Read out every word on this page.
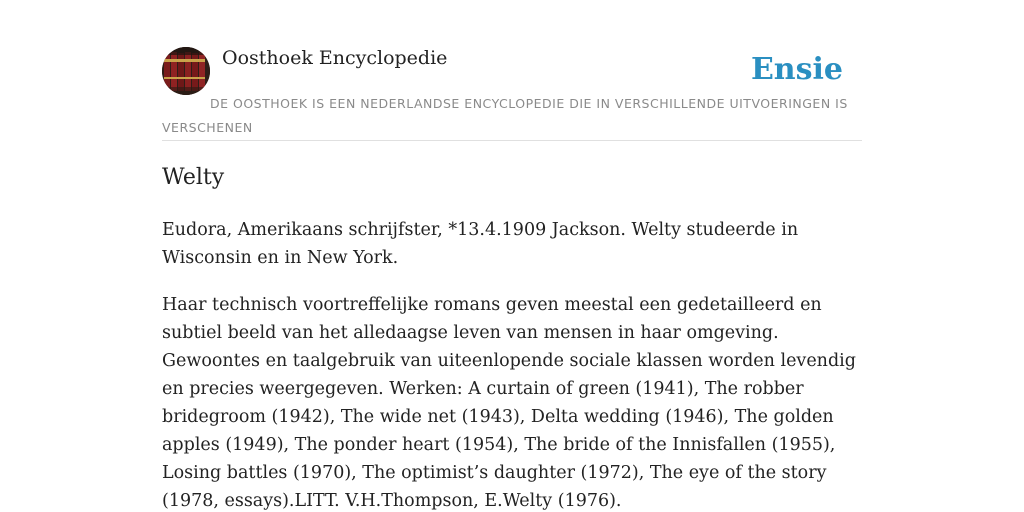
Oosthoek Encyclopedie	Ensie
DE OOSTHOEK IS EEN NEDERLANDSE ENCYCLOPEDIE DIE IN VERSCHILLENDE UITVOERINGEN IS VERSCHENEN
Welty

Eudora, Amerikaans schrijfster, *13.4.1909 Jackson. Welty studeerde in Wisconsin en in New York.

Haar technisch voortreffelijke romans geven meestal een gedetailleerd en subtiel beeld van het alledaagse leven van mensen in haar omgeving. Gewoontes en taalgebruik van uiteenlopende sociale klassen worden levendig en precies weergegeven. Werken: A curtain of green (1941), The robber bridegroom (1942), The wide net (1943), Delta wedding (1946), The golden apples (1949), The ponder heart (1954), The bride of the Innisfallen (1955), Losing battles (1970), The optimist’s daughter (1972), The eye of the story (1978, essays).LITT. V.H.Thompson, E.Welty (1976).
